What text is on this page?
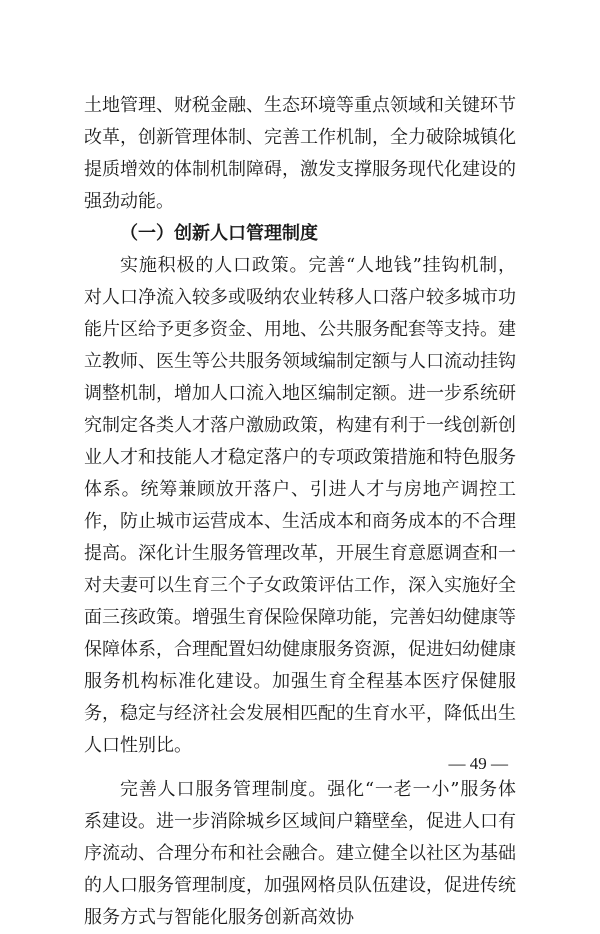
土地管理、财税金融、生态环境等重点领域和关键环节改革，创新管理体制、完善工作机制，全力破除城镇化提质增效的体制机制障碍，激发支撑服务现代化建设的强劲动能。

（一）创新人口管理制度

实施积极的人口政策。完善“人地钱”挂钩机制，对人口净流入较多或吸纳农业转移人口落户较多城市功能片区给予更多资金、用地、公共服务配套等支持。建立教师、医生等公共服务领域编制定额与人口流动挂钩调整机制，增加人口流入地区编制定额。进一步系统研究制定各类人才落户激励政策，构建有利于一线创新创业人才和技能人才稳定落户的专项政策措施和特色服务体系。统筹兼顾放开落户、引进人才与房地产调控工作，防止城市运营成本、生活成本和商务成本的不合理提高。深化计生服务管理改革，开展生育意愿调查和一对夫妻可以生育三个子女政策评估工作，深入实施好全面三孩政策。增强生育保险保障功能，完善妇幼健康等保障体系，合理配置妇幼健康服务资源，促进妇幼健康服务机构标准化建设。加强生育全程基本医疗保健服务，稳定与经济社会发展相匹配的生育水平，降低出生人口性别比。

完善人口服务管理制度。强化“一老一小”服务体系建设。进一步消除城乡区域间户籍壁垒，促进人口有序流动、合理分布和社会融合。建立健全以社区为基础的人口服务管理制度，加强网格员队伍建设，促进传统服务方式与智能化服务创新高效协

— 49 —
